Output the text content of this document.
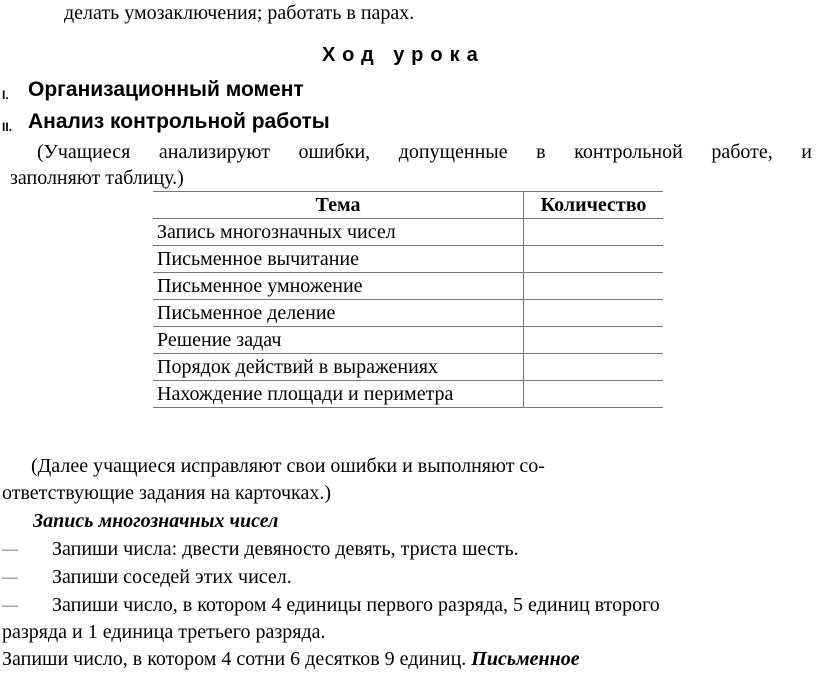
делать умозаключения; работать в парах.
Ход урока
I. Организационный момент
II. Анализ контрольной работы
(Учащиеся анализируют ошибки, допущенные в контрольной работе, и
заполняют таблицу.)
Тема	Количество
Запись многозначных чисел	
Письменное вычитание	
Письменное умножение	
Письменное деление	
Решение задач	
Порядок действий в выражениях	
Нахождение площади и периметра	
(Далее учащиеся исправляют свои ошибки и выполняют со-
ответствующие задания на карточках.)
Запись многозначных чисел
— Запиши числа: двести девяносто девять, триста шесть.
— Запиши соседей этих чисел.
— Запиши число, в котором 4 единицы первого разряда, 5 единиц второго
разряда и 1 единица третьего разряда.
Запиши число, в котором 4 сотни 6 десятков 9 единиц. Письменное
